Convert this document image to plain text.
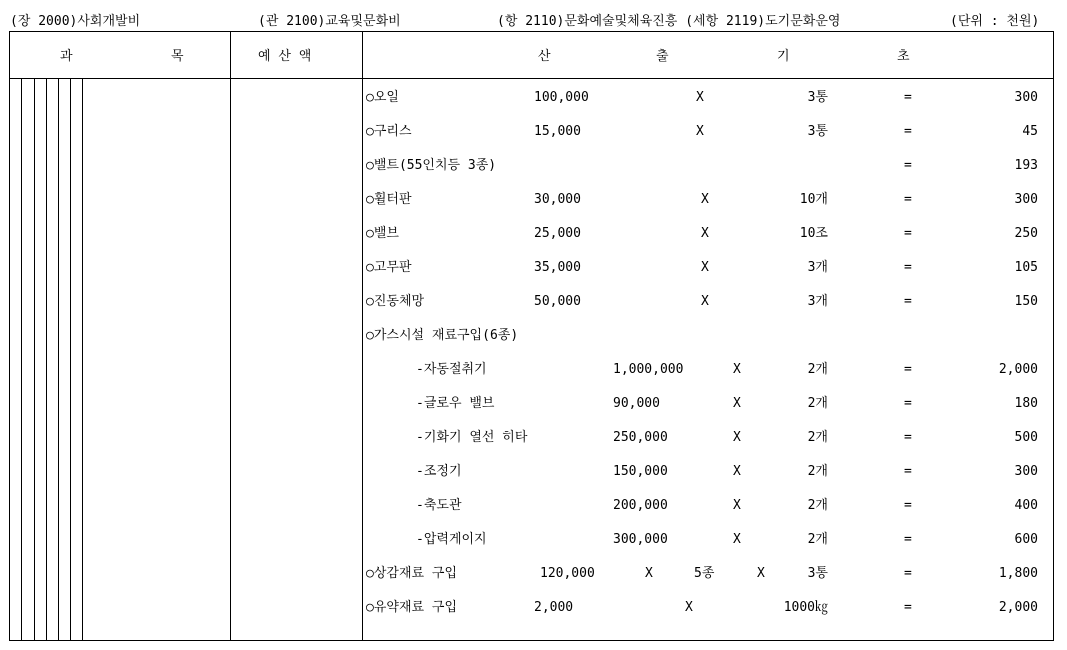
(장 2000)사회개발비	(관 2100)교육및문화비	(항 2110)문화예술및체육진흥 (세항 2119)도기문화운영	(단위 : 천원)
과	목	예 산 액	산	출	기	초
○오일	100,000	X	3통	=	300
○구리스	15,000	X	3통	=	45
○밸트(55인치등 3종)	=	193
○휠터판	30,000	X	10개	=	300
○밸브	25,000	X	10조	=	250
○고무판	35,000	X	3개	=	105
○진동체망	50,000	X	3개	=	150
○가스시설 재료구입(6종)
-자동절취기	1,000,000	X	2개	=	2,000
-글로우 밸브	90,000	X	2개	=	180
-기화기 열선 히타	250,000	X	2개	=	500
-조정기	150,000	X	2개	=	300
-축도관	200,000	X	2개	=	400
-압력게이지	300,000	X	2개	=	600
○상감재료 구입	120,000	X	5종	X	3통	=	1,800
○유약재료 구입	2,000	X	1000㎏	=	2,000
